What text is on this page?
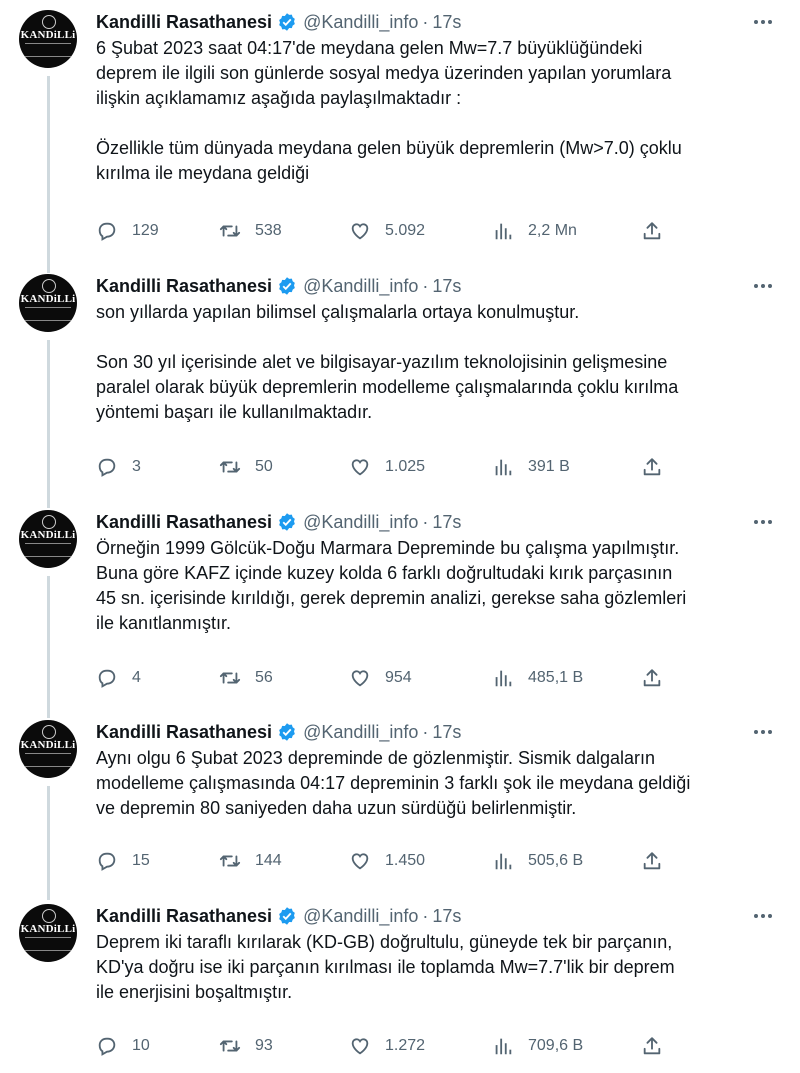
KANDiLLi
Kandilli Rasathanesi @Kandilli_info · 17s

6 Şubat 2023 saat 04:17'de meydana gelen Mw=7.7 büyüklüğündeki

deprem ile ilgili son günlerde sosyal medya üzerinden yapılan yorumlara

ilişkin açıklamamız aşağıda paylaşılmaktadır :

Özellikle tüm dünyada meydana gelen büyük depremlerin (Mw>7.0) çoklu

kırılma ile meydana geldiği

129	538	5.092	2,2 Mn
KANDiLLi
Kandilli Rasathanesi @Kandilli_info · 17s

son yıllarda yapılan bilimsel çalışmalarla ortaya konulmuştur.

Son 30 yıl içerisinde alet ve bilgisayar-yazılım teknolojisinin gelişmesine

paralel olarak büyük depremlerin modelleme çalışmalarında çoklu kırılma

yöntemi başarı ile kullanılmaktadır.

3	50	1.025	391 B
KANDiLLi
Kandilli Rasathanesi @Kandilli_info · 17s

Örneğin 1999 Gölcük-Doğu Marmara Depreminde bu çalışma yapılmıştır.

Buna göre KAFZ içinde kuzey kolda 6 farklı doğrultudaki kırık parçasının

45 sn. içerisinde kırıldığı, gerek depremin analizi, gerekse saha gözlemleri

ile kanıtlanmıştır.

4	56	954	485,1 B
KANDiLLi
Kandilli Rasathanesi @Kandilli_info · 17s

Aynı olgu 6 Şubat 2023 depreminde de gözlenmiştir. Sismik dalgaların

modelleme çalışmasında 04:17 depreminin 3 farklı şok ile meydana geldiği

ve depremin 80 saniyeden daha uzun sürdüğü belirlenmiştir.

15	144	1.450	505,6 B
KANDiLLi
Kandilli Rasathanesi @Kandilli_info · 17s

Deprem iki taraflı kırılarak (KD-GB) doğrultulu, güneyde tek bir parçanın,

KD'ya doğru ise iki parçanın kırılması ile toplamda Mw=7.7'lik bir deprem

ile enerjisini boşaltmıştır.

10	93	1.272	709,6 B
